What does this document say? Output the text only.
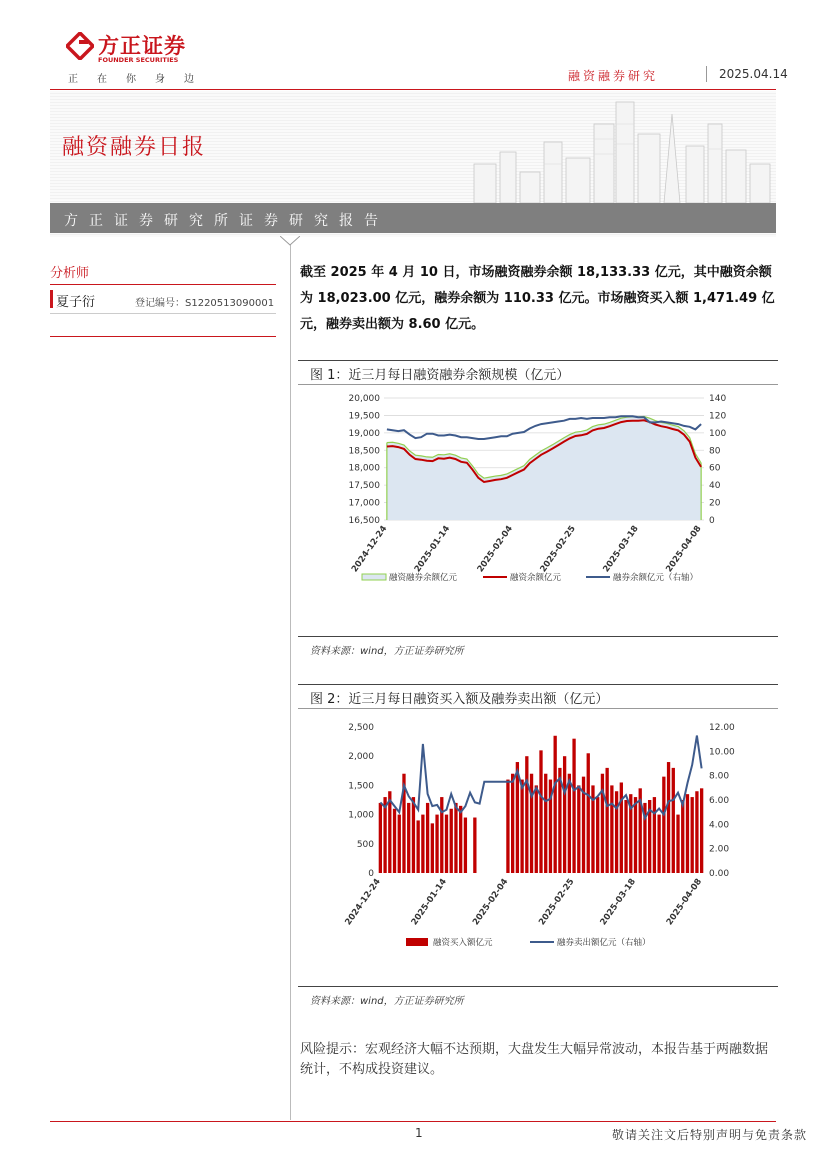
方正证券
FOUNDER SECURITIES
正在你身边	融资融券研究	2025.04.14
融资融券日报
方正证券研究所证券研究报告
分析师
夏子衍	登记编号：S1220513090001
截至 2025 年 4 月 10 日，市场融资融券余额 18,133.33 亿元，其中融资余额为 18,023.00 亿元，融券余额为 110.33 亿元。市场融资买入额 1,471.49 亿元，融券卖出额为 8.60 亿元。
图 1：近三月每日融资融券余额规模（亿元）
16,500
17,000
17,500
18,000
18,500
19,000
19,500
20,000
0
20
40
60
80
100
120
140
2024-12-24	2025-01-14	2025-02-04	2025-02-25	2025-03-18	2025-04-08
融资融券余额亿元	融资余额亿元	融券余额亿元（右轴）
资料来源：wind，方正证券研究所
图 2：近三月每日融资买入额及融券卖出额（亿元）
0
500
1,000
1,500
2,000
2,500
0.00
2.00
4.00
6.00
8.00
10.00
12.00
2024-12-24	2025-01-14	2025-02-04	2025-02-25	2025-03-18	2025-04-08
融资买入额亿元	融券卖出额亿元（右轴）
资料来源：wind，方正证券研究所
风险提示：宏观经济大幅不达预期，大盘发生大幅异常波动，本报告基于两融数据统计，不构成投资建议。
1	敬请关注文后特别声明与免责条款
